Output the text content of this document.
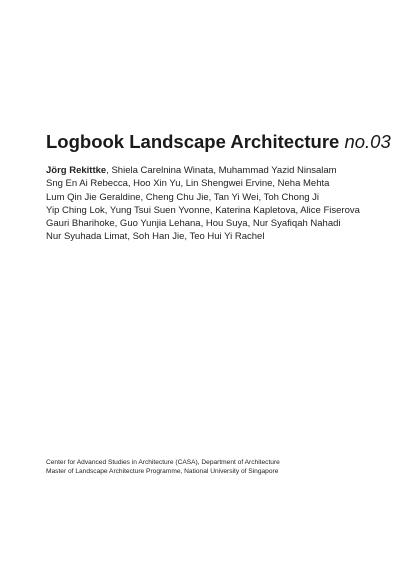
Logbook Landscape Architecture no.03
Jörg Rekittke, Shiela Carelnina Winata, Muhammad Yazid Ninsalam
Sng En Ai Rebecca, Hoo Xin Yu, Lin Shengwei Ervine, Neha Mehta
Lum Qin Jie Geraldine, Cheng Chu Jie, Tan Yi Wei, Toh Chong Ji
Yip Ching Lok, Yung Tsui Suen Yvonne, Katerina Kapletova, Alice Fiserova
Gauri Bharihoke, Guo Yunjia Lehana, Hou Suya, Nur Syafiqah Nahadi
Nur Syuhada Limat, Soh Han Jie, Teo Hui Yi Rachel
Center for Advanced Studies in Architecture (CASA), Department of Architecture
Master of Landscape Architecture Programme, National University of Singapore
